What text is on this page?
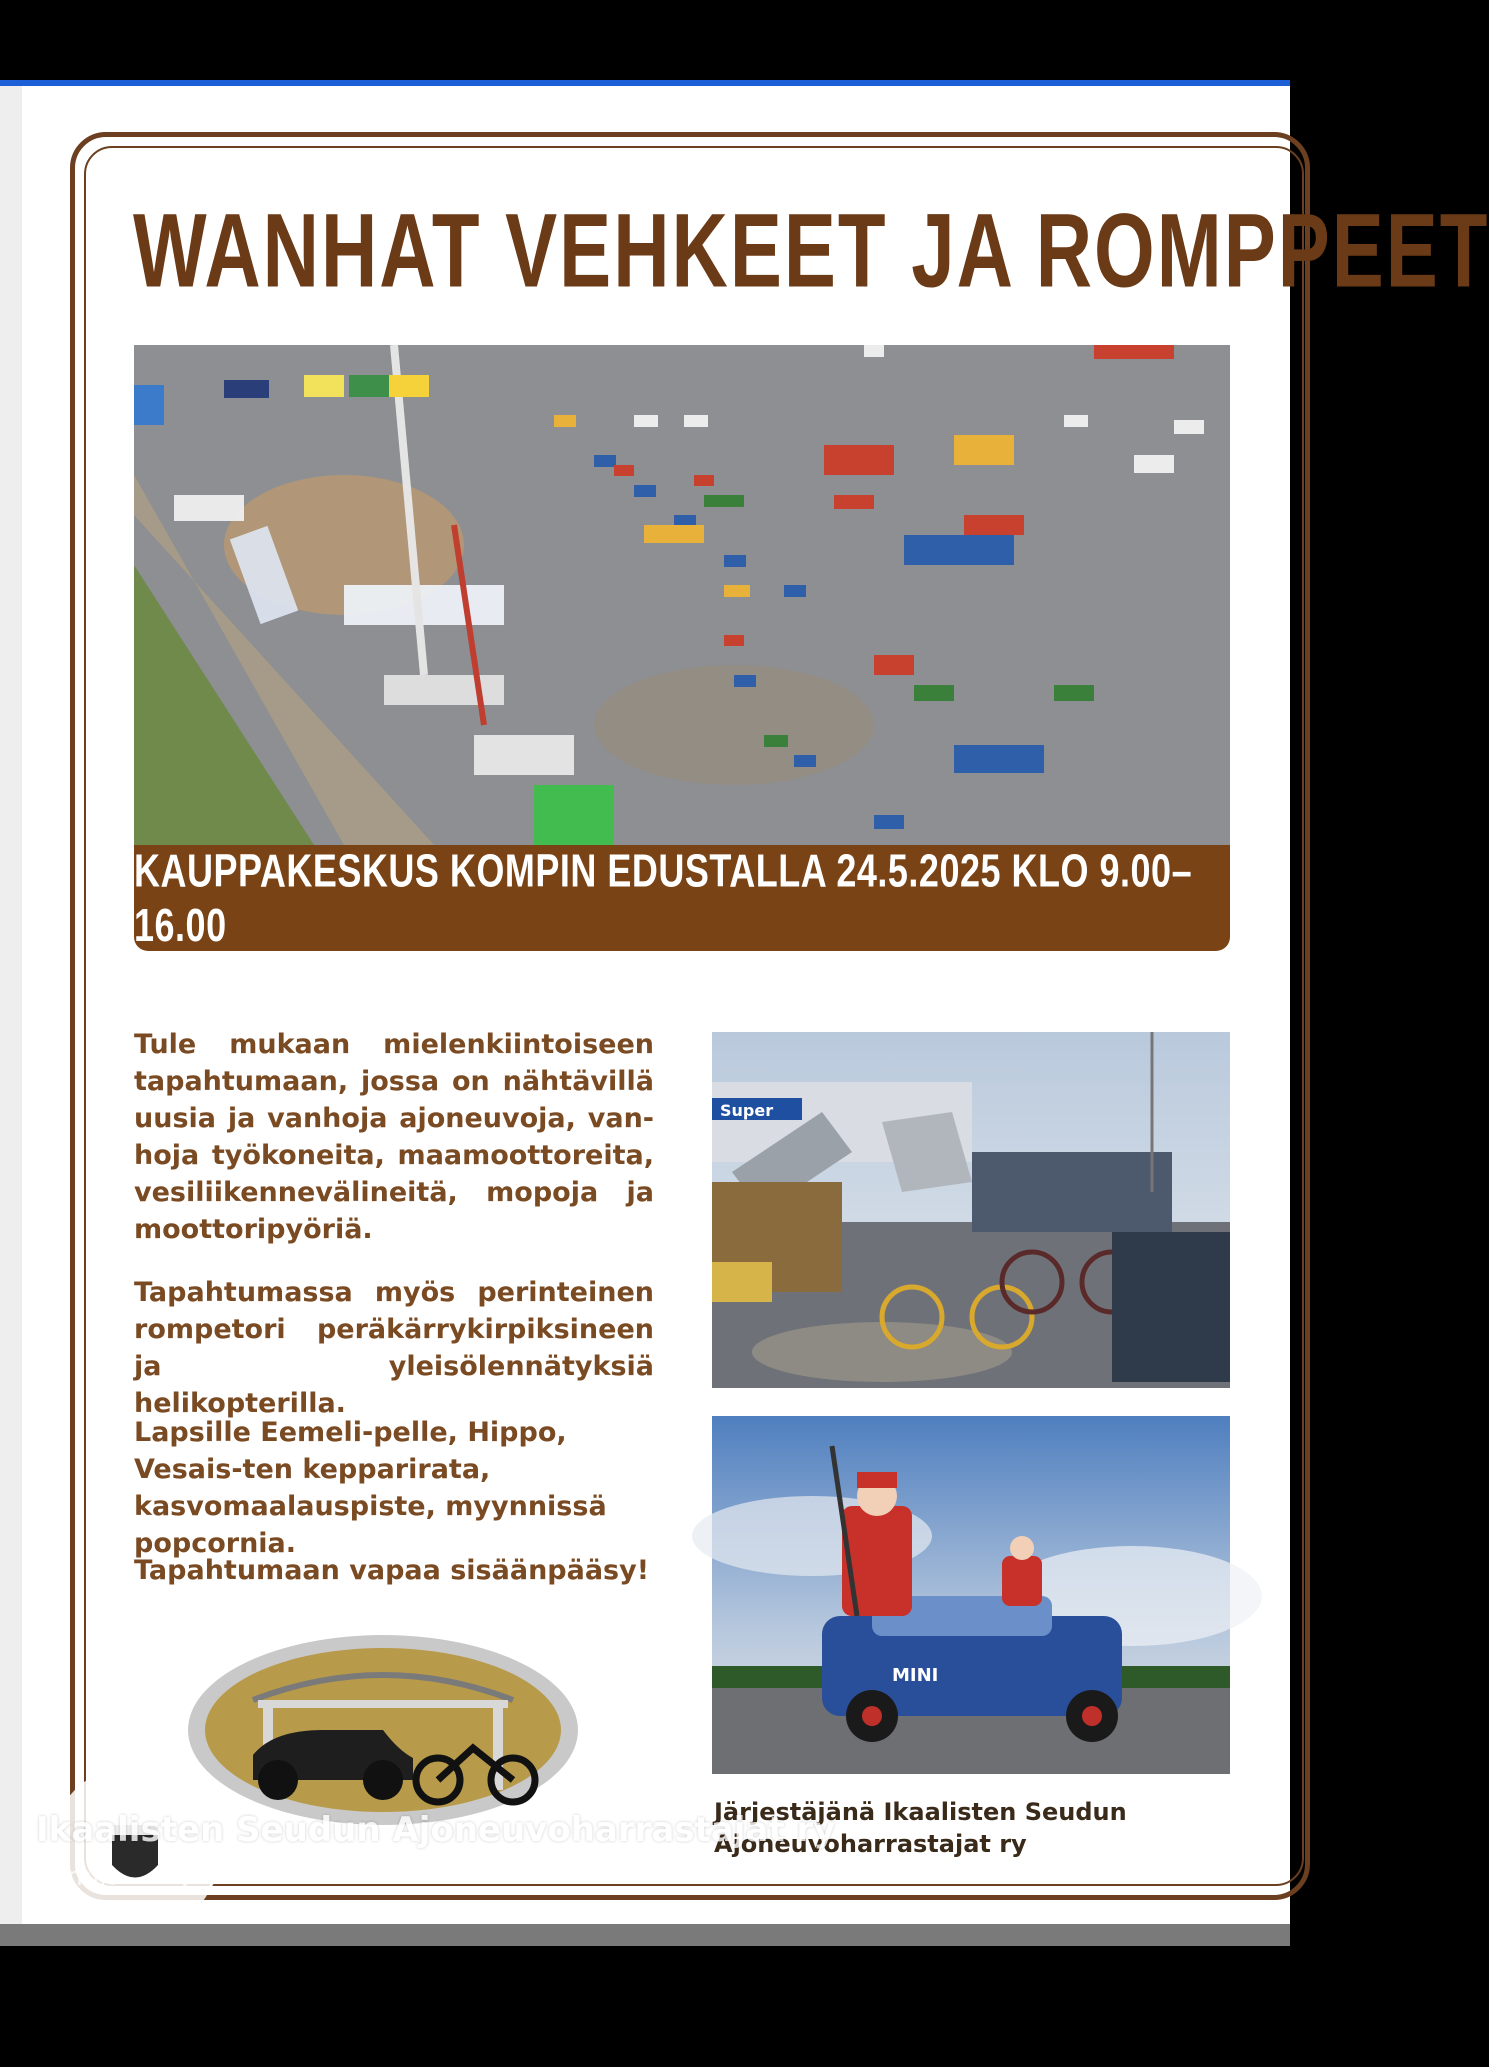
WANHAT VEHKEET JA ROMPPEET
KAUPPAKESKUS KOMPIN EDUSTALLA 24.5.2025 KLO 9.00–16.00
Tule mukaan mielenkiintoiseen tapahtumaan, jossa on nähtävillä uusia ja vanhoja ajoneuvoja, van-hoja työkoneita, maamoottoreita, vesiliikennevälineitä, mopoja ja moottoripyöriä.
Tapahtumassa myös perinteinen rompetori peräkärrykirpiksineen ja yleisölennätyksiä helikopterilla.
Lapsille Eemeli-pelle, Hippo, Vesais-ten kepparirata, kasvomaalauspiste, myynnissä popcornia.
Tapahtumaan vapaa sisäänpääsy!
Super
MINI
Järjestäjänä Ikaalisten Seudun Ajoneuvoharrastajat ry
Ikaalisten Seudun Ajoneuvoharrastajat ry
5 min
